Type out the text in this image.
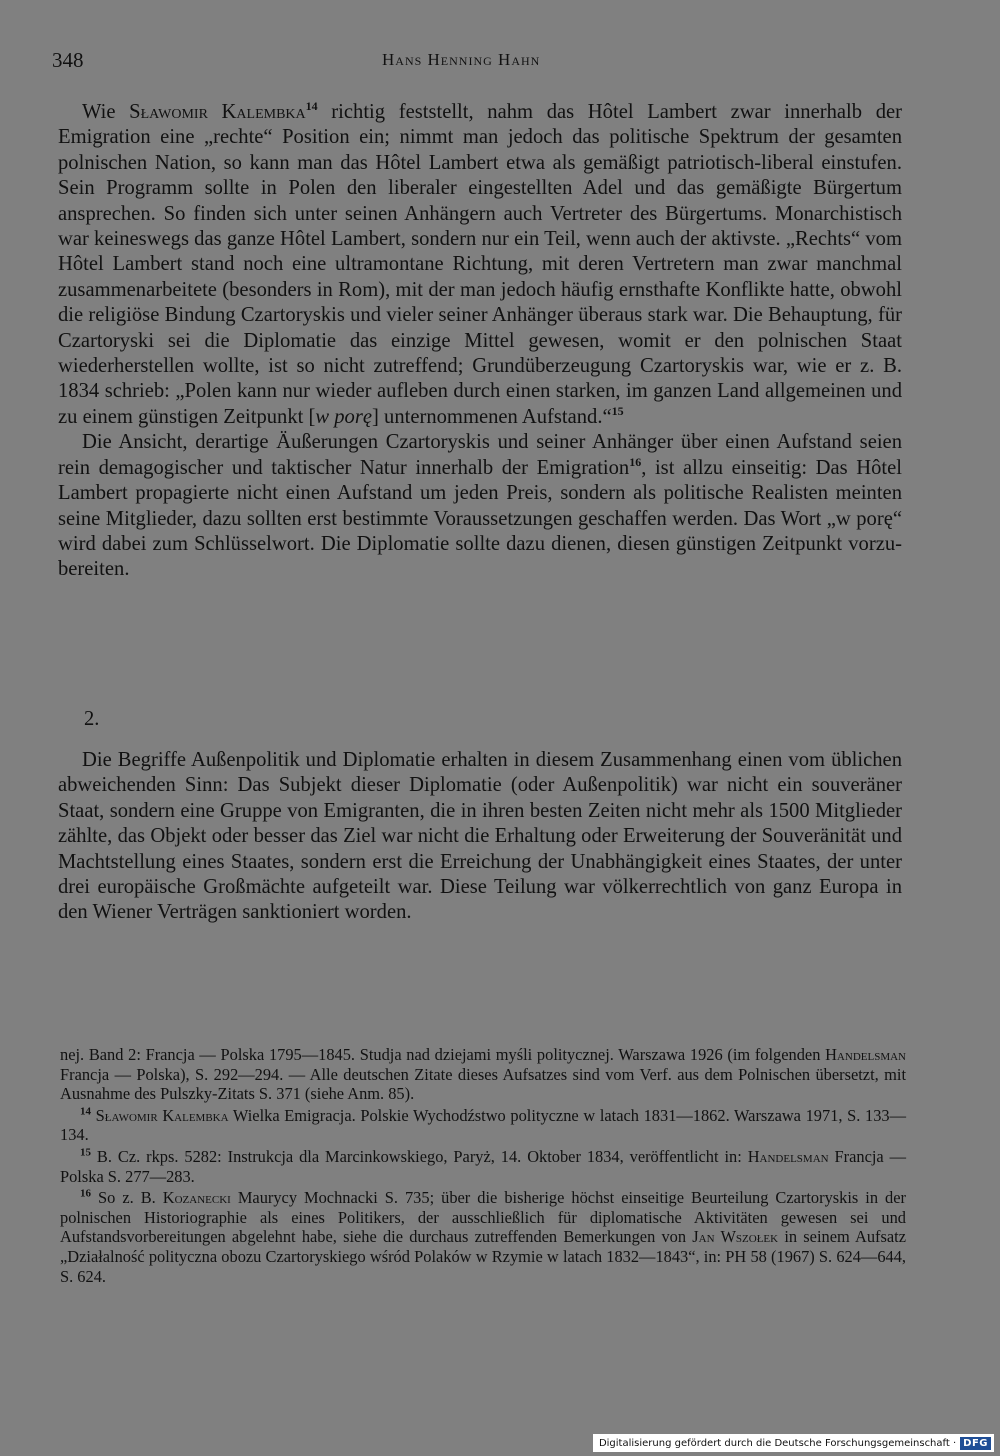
348	Hans Henning Hahn

Wie Sławomir Kalembka$^{14}$ richtig feststellt, nahm das Hôtel Lambert zwar innerhalb der Emigration eine „rechte“ Position ein; nimmt man jedoch das politische Spektrum der gesamten polnischen Nation, so kann man das Hôtel Lambert etwa als gemäßigt patriotisch-liberal einstufen. Sein Programm sollte in Polen den liberaler eingestellten Adel und das gemäßigte Bürgertum ansprechen. So finden sich unter seinen Anhängern auch Vertreter des Bürgertums. Monarchistisch war keineswegs das ganze Hôtel Lambert, sondern nur ein Teil, wenn auch der aktivste. „Rechts“ vom Hôtel Lambert stand noch eine ultramontane Richtung, mit deren Vertretern man zwar manchmal zusammenarbeitete (besonders in Rom), mit der man jedoch häufig ernsthafte Konflikte hatte, obwohl die religiöse Bindung Czartoryskis und vieler seiner Anhänger überaus stark war. Die Behauptung, für Czartoryski sei die Diplomatie das einzige Mittel gewesen, womit er den polnischen Staat wiederherstellen wollte, ist so nicht zutreffend; Grundüberzeugung Czartoryskis war, wie er z. B. 1834 schrieb: „Polen kann nur wieder aufleben durch einen starken, im ganzen Land allgemeinen und zu einem günstigen Zeitpunkt [w porę] unternommenen Aufstand.“$^{15}$

Die Ansicht, derartige Äußerungen Czartoryskis und seiner Anhänger über einen Aufstand seien rein demagogischer und taktischer Natur innerhalb der Emigration$^{16}$, ist allzu einseitig: Das Hôtel Lambert propagierte nicht einen Aufstand um jeden Preis, sondern als politische Realisten meinten seine Mitglieder, dazu sollten erst bestimmte Voraussetzungen geschaffen werden. Das Wort „w porę“ wird dabei zum Schlüsselwort. Die Diplomatie sollte dazu dienen, diesen günstigen Zeitpunkt vorzubereiten.

2.

Die Begriffe Außenpolitik und Diplomatie erhalten in diesem Zusammenhang einen vom üblichen abweichenden Sinn: Das Subjekt dieser Diplomatie (oder Außenpolitik) war nicht ein souveräner Staat, sondern eine Gruppe von Emigranten, die in ihren besten Zeiten nicht mehr als 1500 Mitglieder zählte, das Objekt oder besser das Ziel war nicht die Erhaltung oder Erweiterung der Souveränität und Machtstellung eines Staates, sondern erst die Erreichung der Unabhängigkeit eines Staates, der unter drei europäische Großmächte aufgeteilt war. Diese Teilung war völkerrechtlich von ganz Europa in den Wiener Verträgen sanktioniert worden.

nej. Band 2: Francja — Polska 1795—1845. Studja nad dziejami myśli politycznej. Warszawa 1926 (im folgenden Handelsman Francja — Polska), S. 292—294. — Alle deutschen Zitate dieses Aufsatzes sind vom Verf. aus dem Polnischen übersetzt, mit Ausnahme des Pulszky-Zitats S. 371 (siehe Anm. 85).

$^{14}$ Sławomir Kalembka Wielka Emigracja. Polskie Wychodźstwo polityczne w latach 1831—1862. Warszawa 1971, S. 133—134.

$^{15}$ B. Cz. rkps. 5282: Instrukcja dla Marcinkowskiego, Paryż, 14. Oktober 1834, veröffentlicht in: Handelsman Francja — Polska S. 277—283.

$^{16}$ So z. B. Kozanecki Maurycy Mochnacki S. 735; über die bisherige höchst einseitige Beurteilung Czartoryskis in der polnischen Historiographie als eines Politikers, der ausschließlich für diplomatische Aktivitäten gewesen sei und Aufstandsvorbereitungen abgelehnt habe, siehe die durchaus zutreffenden Bemerkungen von Jan Wszołek in seinem Aufsatz „Działalność polityczna obozu Czartoryskiego wśród Polaków w Rzymie w latach 1832—1843“, in: PH 58 (1967) S. 624—644, S. 624.

Digitalisierung gefördert durch die Deutsche Forschungsgemeinschaft · DFG
